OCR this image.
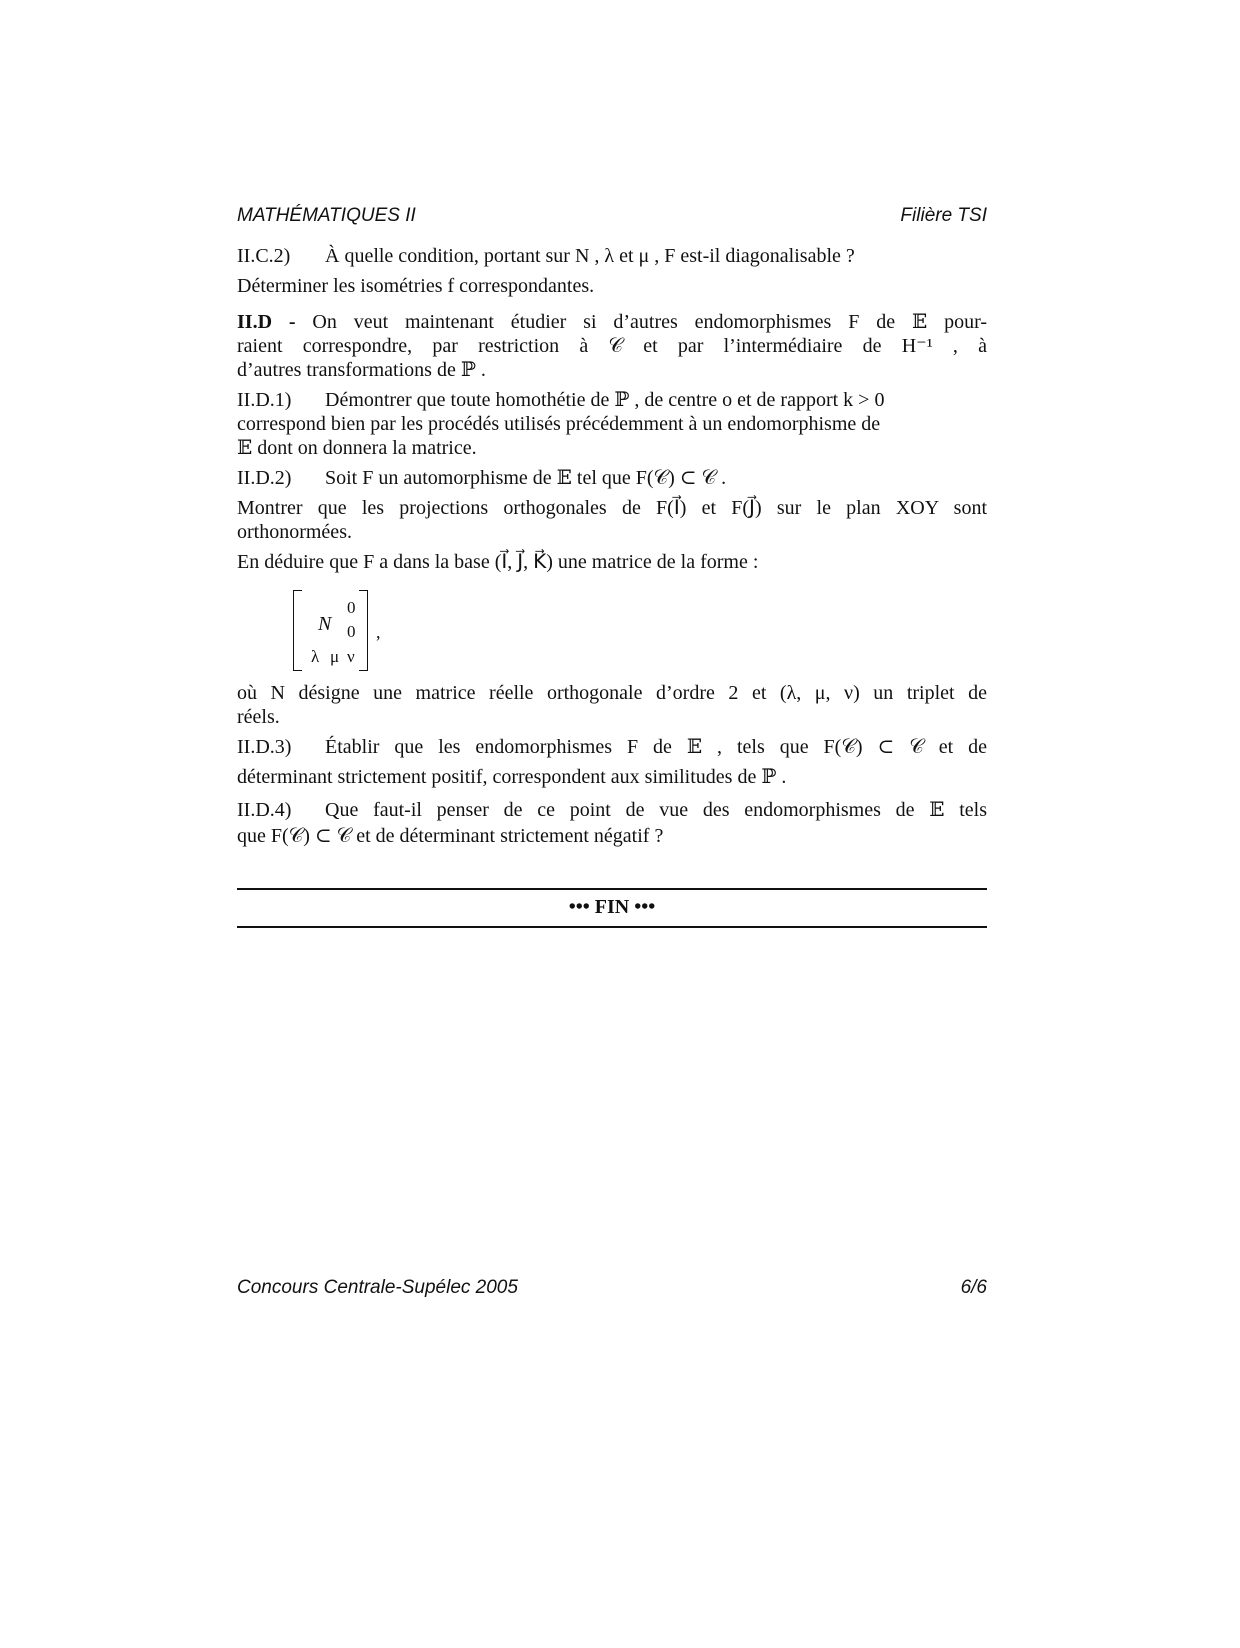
MATHÉMATIQUES II	Filière TSI
II.C.2) À quelle condition, portant sur N , λ et μ , F est-il diagonalisable ?
Déterminer les isométries f correspondantes.
II.D - On veut maintenant étudier si d’autres endomorphismes F de 𝔼 pour-
raient correspondre, par restriction à 𝒞 et par l’intermédiaire de H⁻¹ , à
d’autres transformations de ℙ .
II.D.1) Démontrer que toute homothétie de ℙ , de centre o et de rapport k > 0
correspond bien par les procédés utilisés précédemment à un endomorphisme de
𝔼 dont on donnera la matrice.
II.D.2) Soit F un automorphisme de 𝔼 tel que F(𝒞) ⊂ 𝒞 .
Montrer que les projections orthogonales de F(I⃗) et F(J⃗) sur le plan XOY sont
orthonormées.
En déduire que F a dans la base (I⃗, J⃗, K⃗) une matrice de la forme :
N
0
0
λ μ ν
,
où N désigne une matrice réelle orthogonale d’ordre 2 et (λ, μ, ν) un triplet de
réels.
II.D.3) Établir que les endomorphismes F de 𝔼 , tels que F(𝒞) ⊂ 𝒞 et de
déterminant strictement positif, correspondent aux similitudes de ℙ .
II.D.4) Que faut-il penser de ce point de vue des endomorphismes de 𝔼 tels
que F(𝒞) ⊂ 𝒞 et de déterminant strictement négatif ?
••• FIN •••
Concours Centrale-Supélec 2005	6/6
